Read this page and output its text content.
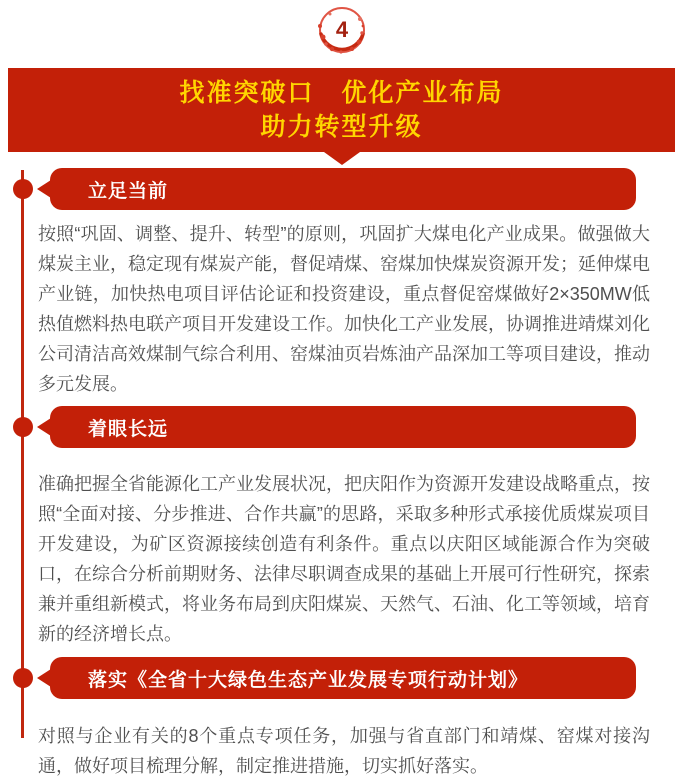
4
找准突破口　优化产业布局
助力转型升级
立足当前

按照“巩固、调整、提升、转型”的原则，巩固扩大煤电化产业成果。做强做大煤炭主业，稳定现有煤炭产能，督促靖煤、窑煤加快煤炭资源开发；延伸煤电产业链，加快热电项目评估论证和投资建设，重点督促窑煤做好2×350MW低热值燃料热电联产项目开发建设工作。加快化工产业发展，协调推进靖煤刘化公司清洁高效煤制气综合利用、窑煤油页岩炼油产品深加工等项目建设，推动多元发展。

着眼长远

准确把握全省能源化工产业发展状况，把庆阳作为资源开发建设战略重点，按照“全面对接、分步推进、合作共赢”的思路，采取多种形式承接优质煤炭项目开发建设，为矿区资源接续创造有利条件。重点以庆阳区域能源合作为突破口，在综合分析前期财务、法律尽职调查成果的基础上开展可行性研究，探索兼并重组新模式，将业务布局到庆阳煤炭、天然气、石油、化工等领域，培育新的经济增长点。

落实《全省十大绿色生态产业发展专项行动计划》

对照与企业有关的8个重点专项任务，加强与省直部门和靖煤、窑煤对接沟通，做好项目梳理分解，制定推进措施，切实抓好落实。
